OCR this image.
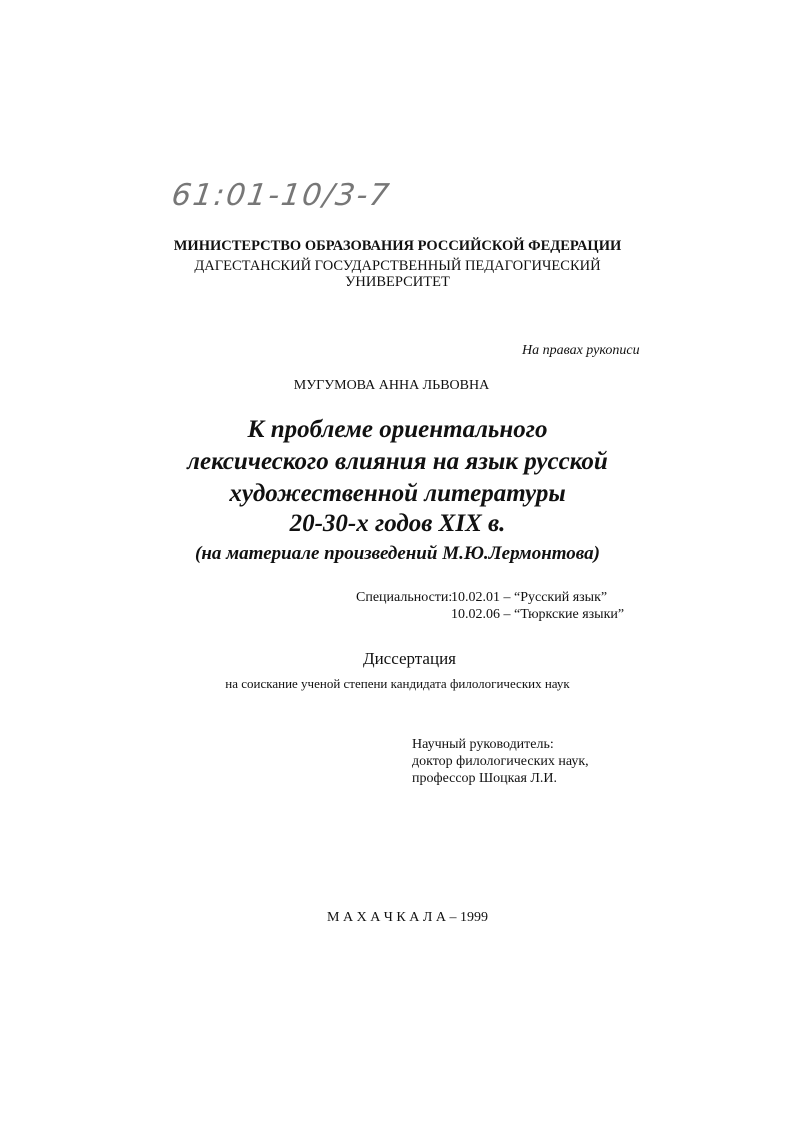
61:01-10/3-7
МИНИСТЕРСТВО ОБРАЗОВАНИЯ РОССИЙСКОЙ ФЕДЕРАЦИИ
ДАГЕСТАНСКИЙ ГОСУДАРСТВЕННЫЙ ПЕДАГОГИЧЕСКИЙ
УНИВЕРСИТЕТ
На правах рукописи
МУГУМОВА АННА ЛЬВОВНА
К проблеме ориентального
лексического влияния на язык русской
художественной литературы
20-30-х годов XIX в.
(на материале произведений М.Ю.Лермонтова)
Специальности:
10.02.01 – “Русский язык”
10.02.06 – “Тюркские языки”
Диссертация
на соискание ученой степени кандидата филологических наук
Научный руководитель:
доктор филологических наук,
профессор Шоцкая Л.И.
М А Х А Ч К А Л А – 1999
